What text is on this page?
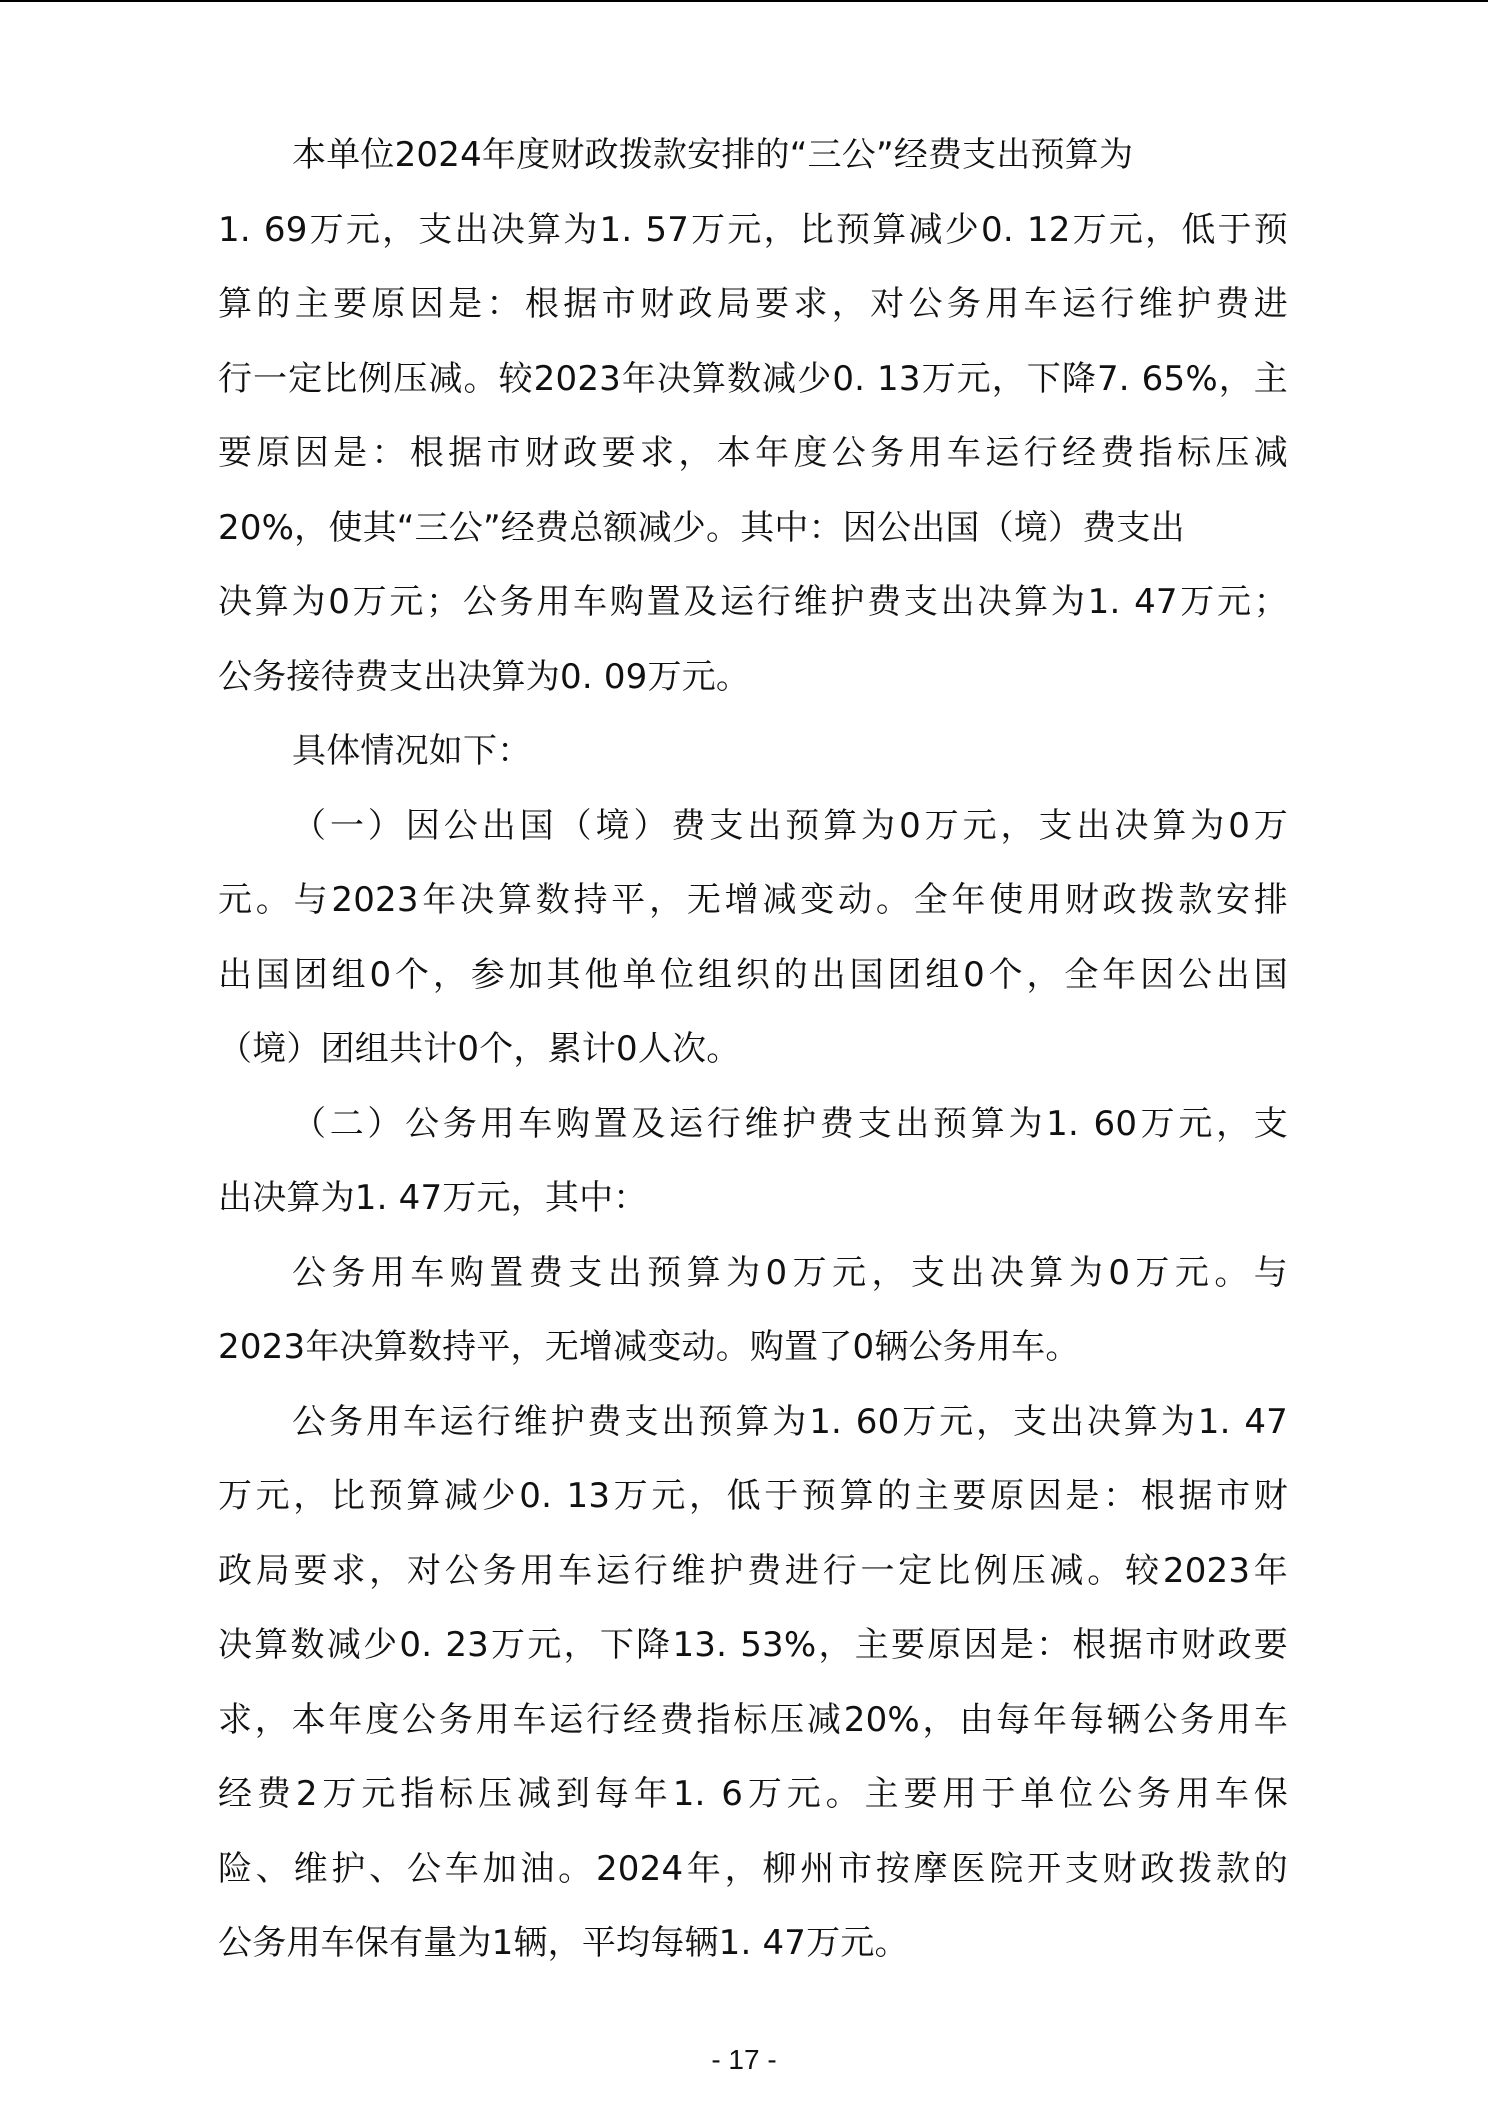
本单位2024年度财政拨款安排的“三公”经费支出预算为
1. 69万元，支出决算为1. 57万元，比预算减少0. 12万元，低于预
算的主要原因是：根据市财政局要求，对公务用车运行维护费进
行一定比例压减。较2023年决算数减少0. 13万元，下降7. 65%，主
要原因是：根据市财政要求，本年度公务用车运行经费指标压减
20%，使其“三公”经费总额减少。其中：因公出国（境）费支出
决算为0万元；公务用车购置及运行维护费支出决算为1. 47万元；
公务接待费支出决算为0. 09万元。
具体情况如下：
（一）因公出国（境）费支出预算为0万元，支出决算为0万
元。与2023年决算数持平，无增减变动。全年使用财政拨款安排
出国团组0个，参加其他单位组织的出国团组0个，全年因公出国
（境）团组共计0个，累计0人次。
（二）公务用车购置及运行维护费支出预算为1. 60万元，支
出决算为1. 47万元，其中：
公务用车购置费支出预算为0万元，支出决算为0万元。与
2023年决算数持平，无增减变动。购置了0辆公务用车。
公务用车运行维护费支出预算为1. 60万元，支出决算为1. 47
万元，比预算减少0. 13万元，低于预算的主要原因是：根据市财
政局要求，对公务用车运行维护费进行一定比例压减。较2023年
决算数减少0. 23万元，下降13. 53%，主要原因是：根据市财政要
求，本年度公务用车运行经费指标压减20%，由每年每辆公务用车
经费2万元指标压减到每年1. 6万元。主要用于单位公务用车保
险、维护、公车加油。2024年，柳州市按摩医院开支财政拨款的
公务用车保有量为1辆，平均每辆1. 47万元。
- 17 -
